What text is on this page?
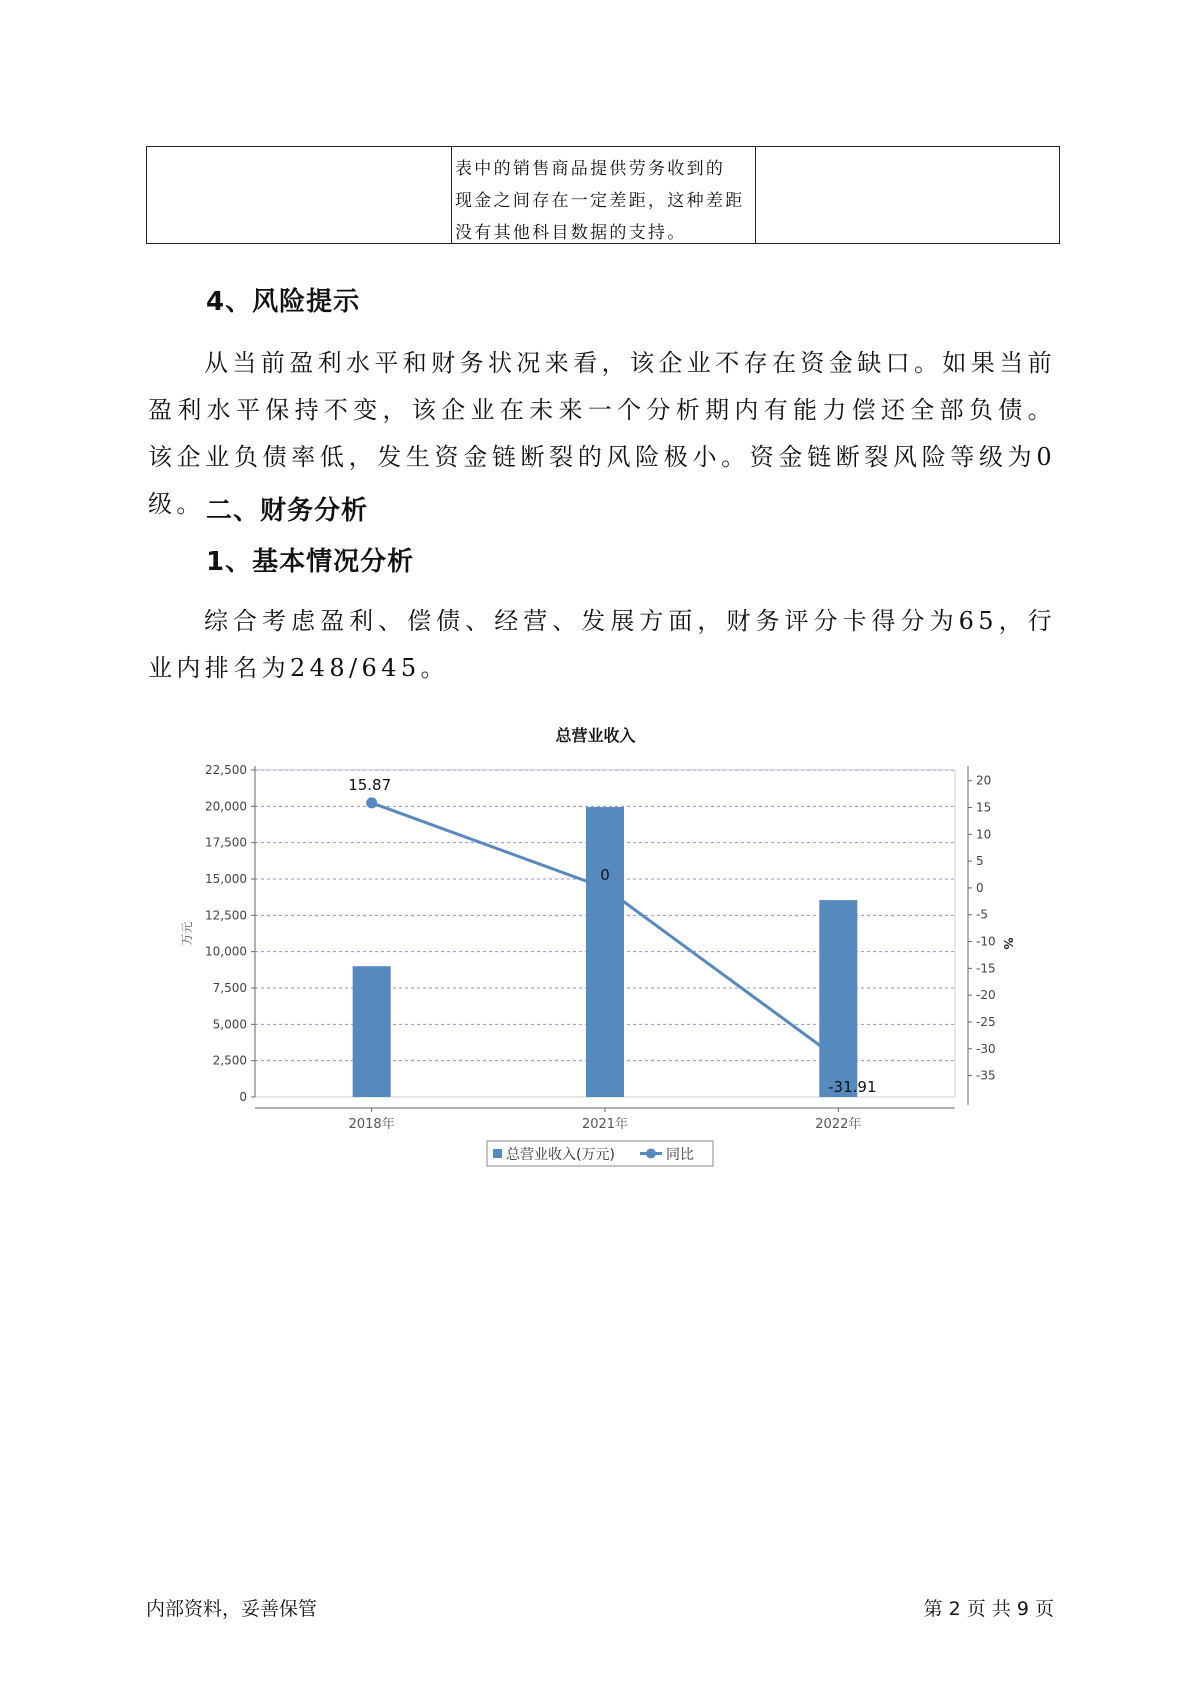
表中的销售商品提供劳务收到的
现金之间存在一定差距，这种差距
没有其他科目数据的支持。
4、风险提示
从当前盈利水平和财务状况来看，该企业不存在资金缺口。如果当前盈利水平保持不变，该企业在未来一个分析期内有能力偿还全部负债。该企业负债率低，发生资金链断裂的风险极小。资金链断裂风险等级为0级。 二、财务分析
1、基本情况分析
综合考虑盈利、偿债、经营、发展方面，财务评分卡得分为65，行业内排名为248/645。
总营业收入
0
2,500
5,000
7,500
10,000
12,500
15,000
17,500
20,000
22,500
万元
20
15
10
5
0
-5
-10
-15
-20
-25
-30
-35
%
2018年	2021年	2022年
15.87
0
-31.91
总营业收入(万元)	同比
内部资料，妥善保管	第 2 页 共 9 页
